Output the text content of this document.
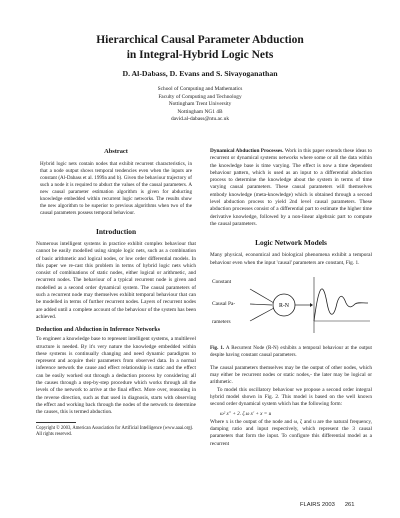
Hierarchical Causal Parameter Abduction
in Integral-Hybrid Logic Nets
D. Al-Dabass, D. Evans and S. Sivayoganathan
School of Computing and Mathematics
Faculty of Computing and Technology
Nottingham Trent University
Nottingham NG1 4B
david.al-dabass@ntu.ac.uk
Abstract

Hybrid logic nets contain nodes that exhibit recurrent characteristics, in that a node output shows temporal tendencies even when the inputs are constant (Al-Dabass et al. 1999a and b). Given the behaviour trajectory of such a node it is required to abduct the values of the causal parameters. A new causal parameter estimation algorithm is given for abducting knowledge embedded within recurrent logic networks. The results show the new algorithm to be superior to previous algorithms when two of the causal parameters possess temporal behaviour.

Introduction

Numerous intelligent systems in practice exhibit complex behaviour that cannot be easily modelled using simple logic nets, such as a combination of basic arithmetic and logical nodes, or low order differential models. In this paper we re-cast this problem in terms of hybrid logic nets which consist of combinations of static nodes, either logical or arithmetic, and recurrent nodes. The behaviour of a typical recurrent node is given and modelled as a second order dynamical system. The causal parameters of such a recurrent node may themselves exhibit temporal behaviour that can be modelled in terms of further recurrent nodes. Layers of recurrent nodes are added until a complete account of the behaviour of the system has been achieved.

Deduction and Abduction in Inference Networks

To engineer a knowledge base to represent intelligent systems, a multilevel structure is needed. By it's very nature the knowledge embedded within these systems is continually changing and need dynamic paradigms to represent and acquire their parameters from observed data. In a normal inference network the cause and effect relationship is static and the effect can be easily worked out through a deduction process by considering all the causes through a step-by-step procedure which works through all the levels of the network to arrive at the final effect. More over, reasoning in the reverse direction, such as that used in diagnosis, starts with observing the effect and working back through the nodes of the network to determine the causes, this is termed abduction.

Copyright © 2003, American Association for Artificial Intelligence (www.aaai.org). All rights reserved.

Dynamical Abduction Processes. Work in this paper extends these ideas to recurrent or dynamical systems networks where some or all the data within the knowledge base is time varying. The effect is now a time dependent behaviour pattern, which is used as an input to a differential abduction process to determine the knowledge about the system in terms of time varying causal parameters. These causal parameters will themselves embody knowledge (meta-knowledge) which is obtained through a second level abduction process to yield 2nd level causal parameters. These abduction processes consist of a differential part to estimate the higher time derivative knowledge, followed by a non-linear algebraic part to compute the causal parameters.

Logic Network Models

Many physical, economical and biological phenomena exhibit a temporal behaviour even when the input 'causal' parameters are constant, Fig. 1.

Constant
Causal Pa-
rameters
R-N

Fig. 1. A Recurrent Node (R-N) exhibits a temporal behaviour at the output despite having constant causal parameters.

The causal parameters themselves may be the output of other nodes, which may either be recurrent nodes or static nodes,- the later may be logical or arithmetic.

To model this oscillatory behaviour we propose a second order integral hybrid model shown in Fig. 2. This model is based on the well known second order dynamical system which has the following form:

ω² x'' + 2. ζ.ω x' + x = u

Where x is the output of the node and ω, ζ and u are the natural frequency, damping ratio and input respectively, which represent the 3 causal parameters that form the input. To configure this differential model as a recurrent

FLAIRS 2003 261
